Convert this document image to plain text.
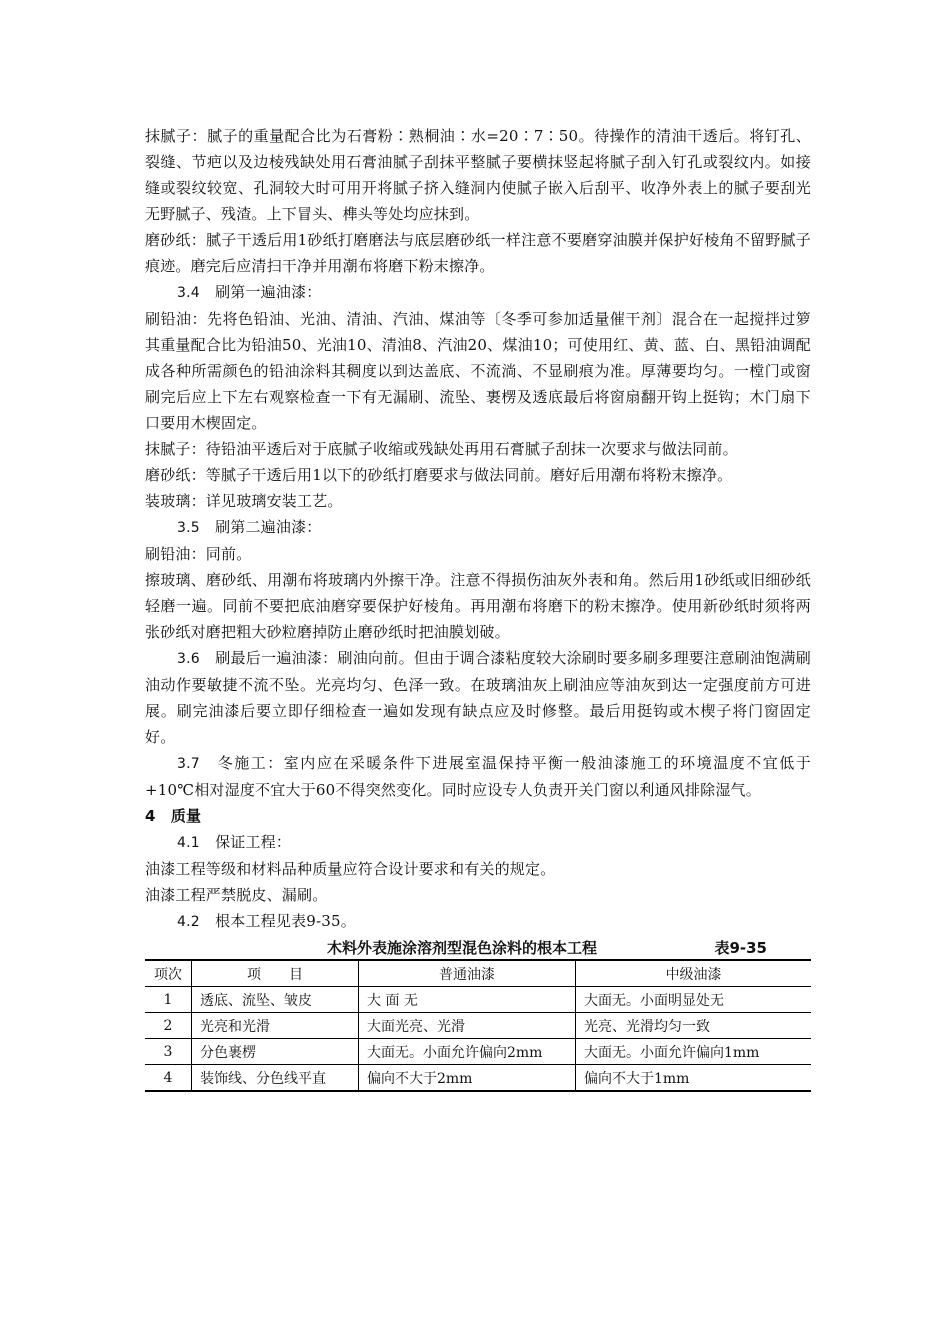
抹腻子：腻子的重量配合比为石膏粉∶熟桐油∶水=20∶7∶50。待操作的清油干透后。将钉孔、裂缝、节疤以及边棱残缺处用石膏油腻子刮抹平整腻子要横抹竖起将腻子刮入钉孔或裂纹内。如接缝或裂纹较宽、孔洞较大时可用开将腻子挤入缝洞内使腻子嵌入后刮平、收净外表上的腻子要刮光无野腻子、残渣。上下冒头、榫头等处均应抹到。

磨砂纸：腻子干透后用1砂纸打磨磨法与底层磨砂纸一样注意不要磨穿油膜并保护好棱角不留野腻子痕迹。磨完后应清扫干净并用潮布将磨下粉末擦净。

3.4　 刷第一遍油漆：

刷铅油：先将色铅油、光油、清油、汽油、煤油等〔冬季可参加适量催干剂〕混合在一起搅拌过箩其重量配合比为铅油50、光油10、清油8、汽油20、煤油10；可使用红、黄、蓝、白、黑铅油调配成各种所需颜色的铅油涂料其稠度以到达盖底、不流淌、不显刷痕为准。厚薄要均匀。一樘门或窗刷完后应上下左右观察检查一下有无漏刷、流坠、裹楞及透底最后将窗扇翻开钩上挺钩；木门扇下口要用木楔固定。

抹腻子：待铅油平透后对于底腻子收缩或残缺处再用石膏腻子刮抹一次要求与做法同前。

磨砂纸：等腻子干透后用1以下的砂纸打磨要求与做法同前。磨好后用潮布将粉末擦净。

装玻璃：详见玻璃安装工艺。

3.5　 刷第二遍油漆：

刷铅油：同前。

擦玻璃、磨砂纸、用潮布将玻璃内外擦干净。注意不得损伤油灰外表和角。然后用1砂纸或旧细砂纸轻磨一遍。同前不要把底油磨穿要保护好棱角。再用潮布将磨下的粉末擦净。使用新砂纸时须将两张砂纸对磨把粗大砂粒磨掉防止磨砂纸时把油膜划破。

3.6　 刷最后一遍油漆：刷油向前。但由于调合漆粘度较大涂刷时要多刷多理要注意刷油饱满刷油动作要敏捷不流不坠。光亮均匀、色泽一致。在玻璃油灰上刷油应等油灰到达一定强度前方可进展。刷完油漆后要立即仔细检查一遍如发现有缺点应及时修整。最后用挺钩或木楔子将门窗固定好。

3.7　 冬施工：室内应在采暖条件下进展室温保持平衡一般油漆施工的环境温度不宜低于+10℃相对湿度不宜大于60不得突然变化。同时应设专人负责开关门窗以利通风排除湿气。

4　 质量

4.1　 保证工程：

油漆工程等级和材料品种质量应符合设计要求和有关的规定。

油漆工程严禁脱皮、漏刷。

4.2　 根本工程见表9-35。

木料外表施涂溶剂型混色涂料的根本工程	表9-35
项次	项　　目	普通油漆	中级油漆
1	透底、流坠、皱皮	大 面 无	大面无。小面明显处无
2	光亮和光滑	大面光亮、光滑	光亮、光滑均匀一致
3	分色裹楞	大面无。小面允许偏向2mm	大面无。小面允许偏向1mm
4	装饰线、分色线平直	偏向不大于2mm	偏向不大于1mm
